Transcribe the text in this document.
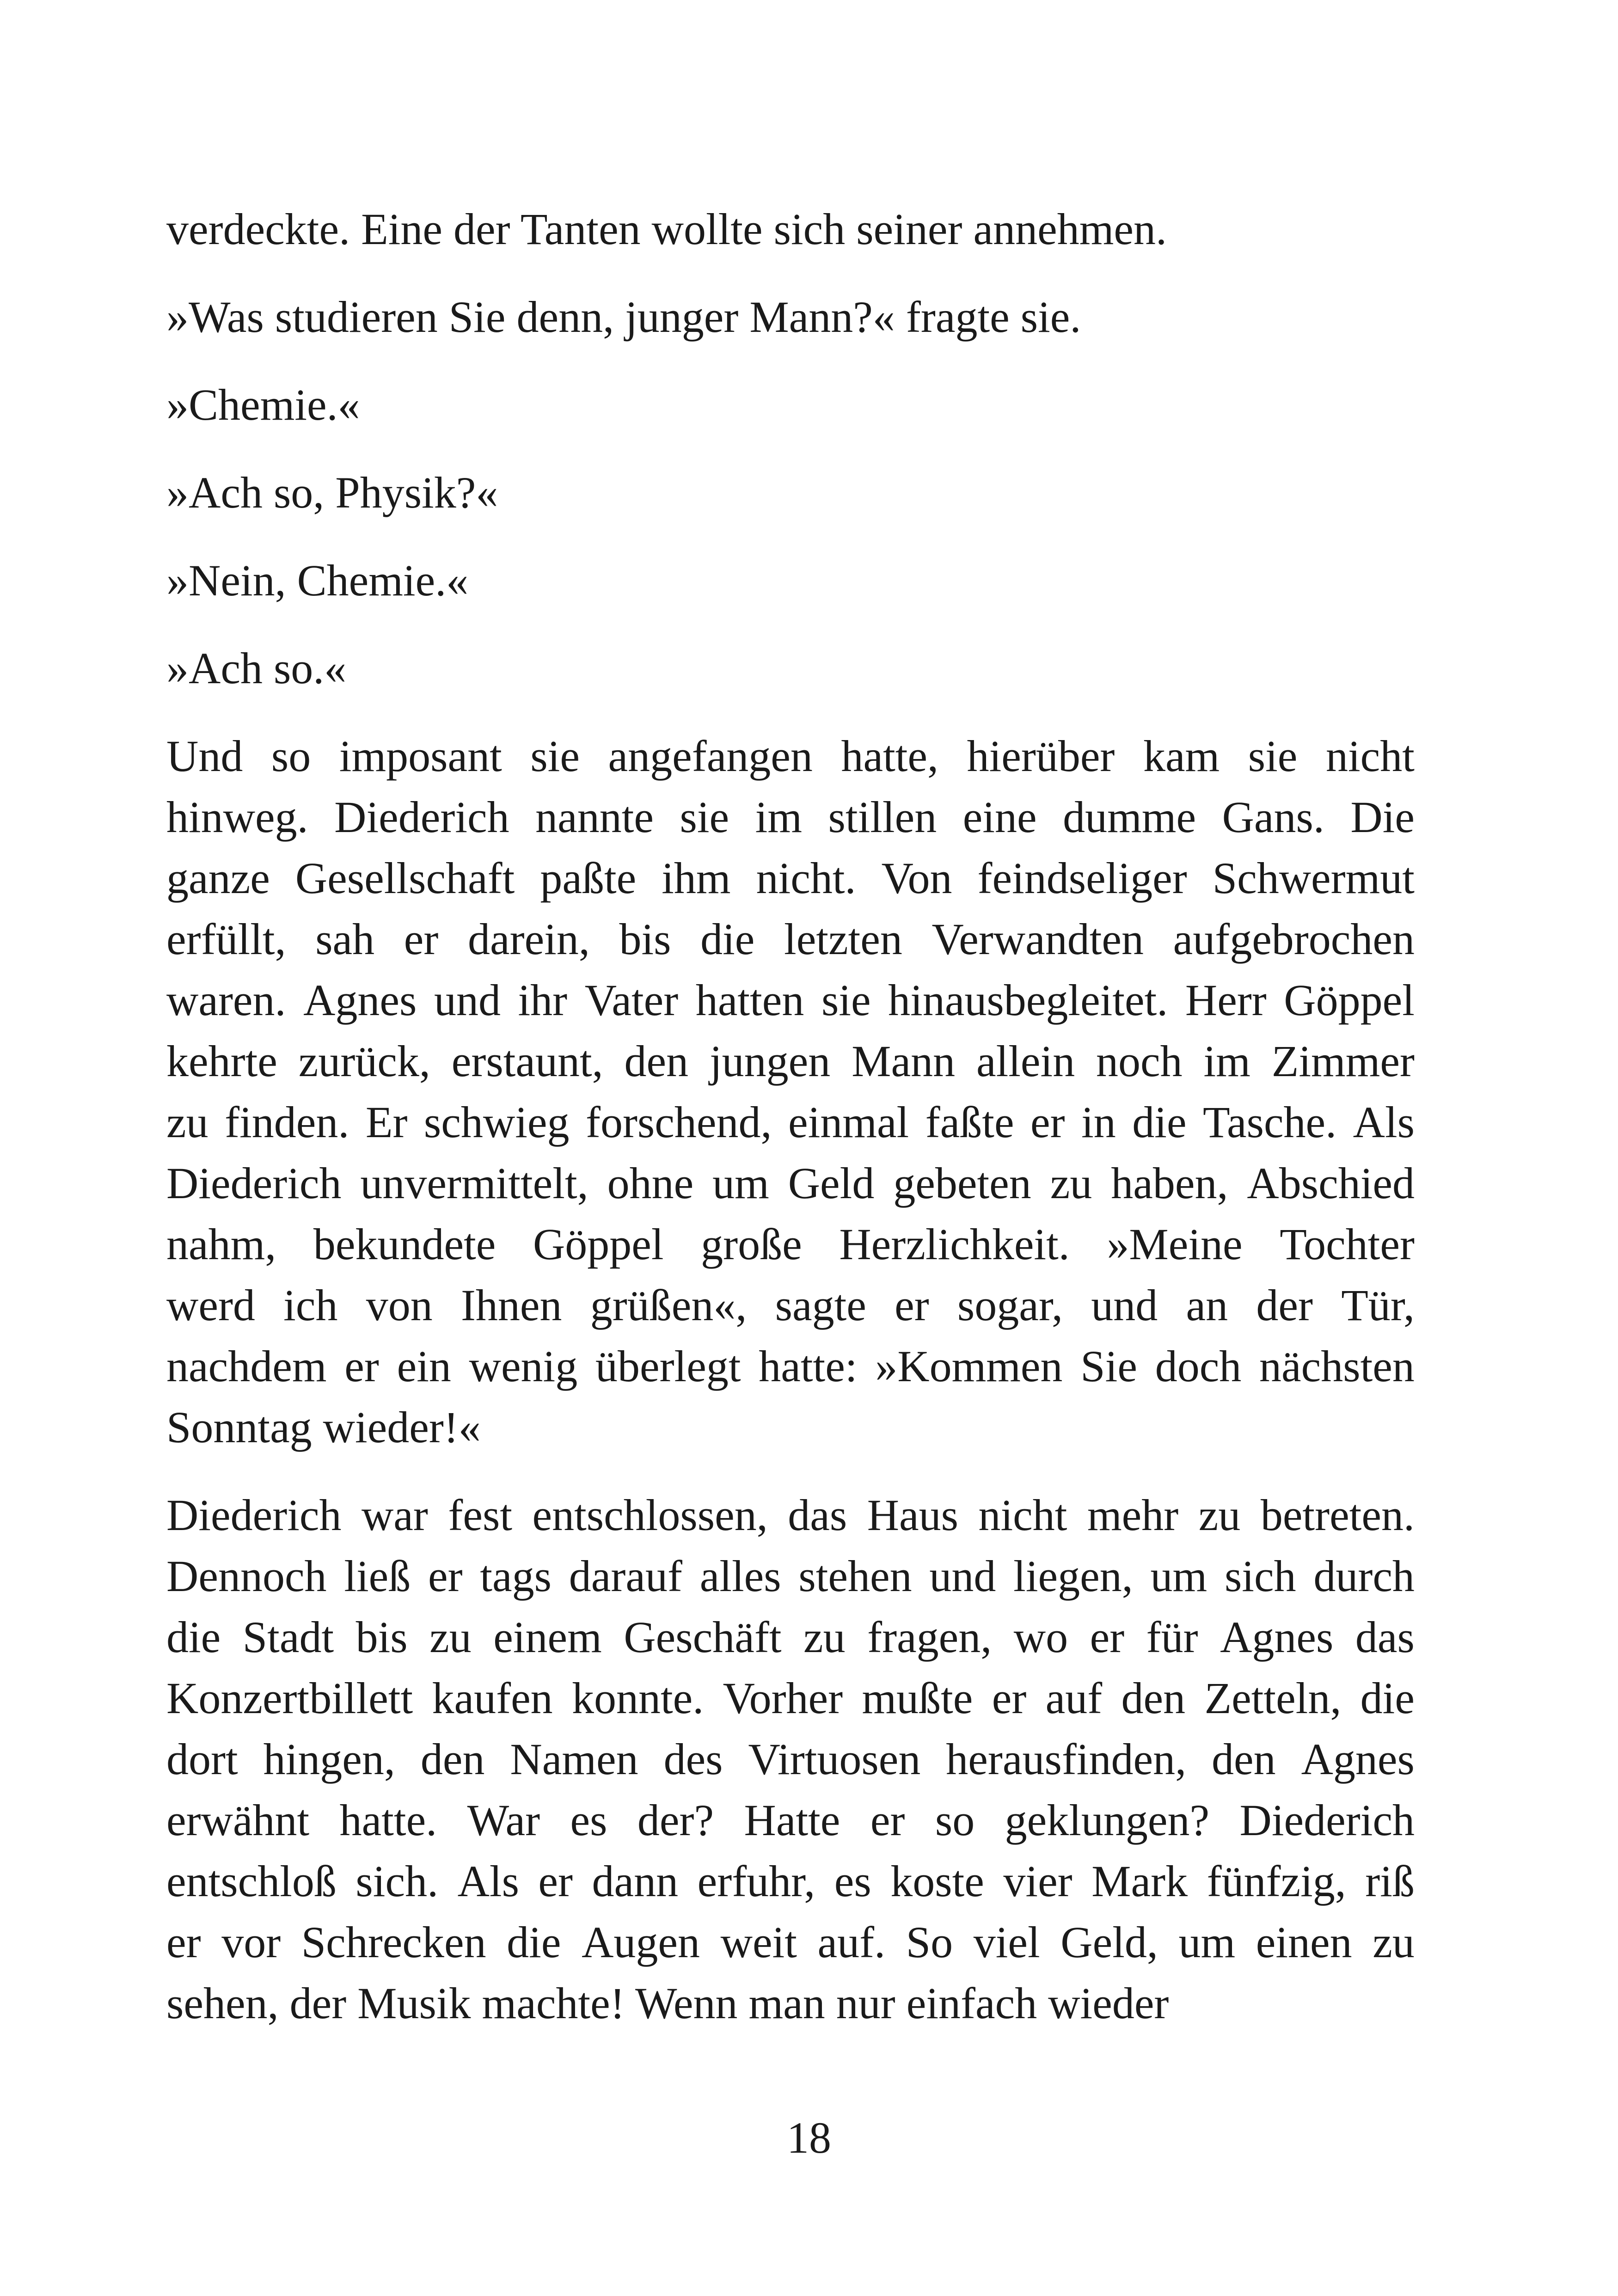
verdeckte. Eine der Tanten wollte sich seiner annehmen.
»Was studieren Sie denn, junger Mann?« fragte sie.
»Chemie.«
»Ach so, Physik?«
»Nein, Chemie.«
»Ach so.«
Und so imposant sie angefangen hatte, hierüber kam sie nicht
hinweg. Diederich nannte sie im stillen eine dumme Gans. Die
ganze Gesellschaft paßte ihm nicht. Von feindseliger Schwermut
erfüllt, sah er darein, bis die letzten Verwandten aufgebrochen
waren. Agnes und ihr Vater hatten sie hinausbegleitet. Herr Göppel
kehrte zurück, erstaunt, den jungen Mann allein noch im Zimmer
zu finden. Er schwieg forschend, einmal faßte er in die Tasche. Als
Diederich unvermittelt, ohne um Geld gebeten zu haben, Abschied
nahm, bekundete Göppel große Herzlichkeit. »Meine Tochter
werd ich von Ihnen grüßen«, sagte er sogar, und an der Tür,
nachdem er ein wenig überlegt hatte: »Kommen Sie doch nächsten
Sonntag wieder!«
Diederich war fest entschlossen, das Haus nicht mehr zu betreten.
Dennoch ließ er tags darauf alles stehen und liegen, um sich durch
die Stadt bis zu einem Geschäft zu fragen, wo er für Agnes das
Konzertbillett kaufen konnte. Vorher mußte er auf den Zetteln, die
dort hingen, den Namen des Virtuosen herausfinden, den Agnes
erwähnt hatte. War es der? Hatte er so geklungen? Diederich
entschloß sich. Als er dann erfuhr, es koste vier Mark fünfzig, riß
er vor Schrecken die Augen weit auf. So viel Geld, um einen zu
sehen, der Musik machte! Wenn man nur einfach wieder
18
